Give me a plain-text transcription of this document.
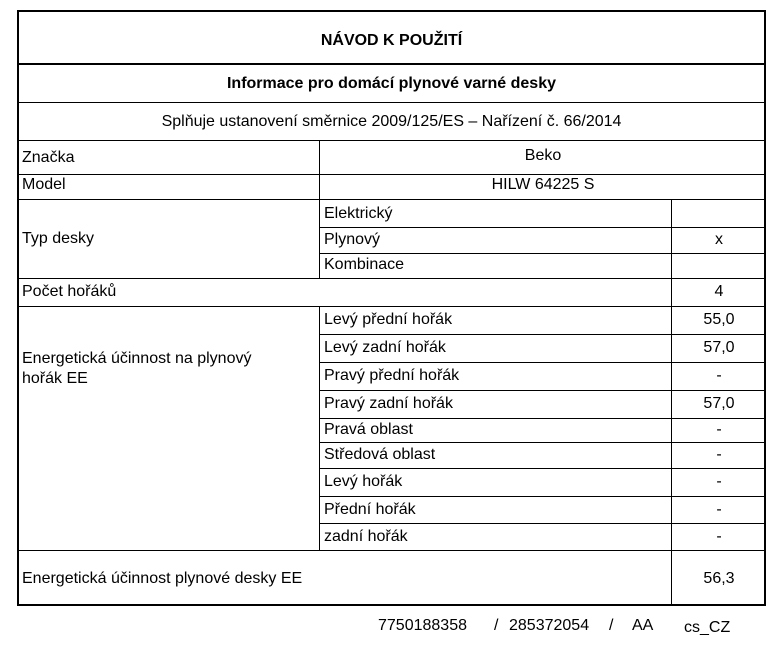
NÁVOD K POUŽITÍ
Informace pro domácí plynové varné desky
Splňuje ustanovení směrnice 2009/125/ES – Nařízení č. 66/2014
Značka	Beko
Model	HILW 64225 S
Typ desky
Elektrický
Plynový	x
Kombinace
Počet hořáků	4
Energetická účinnost na plynový
hořák EE
Levý přední hořák	55,0
Levý zadní hořák	57,0
Pravý přední hořák	-
Pravý zadní hořák	57,0
Pravá oblast	-
Středová oblast	-
Levý hořák	-
Přední hořák	-
zadní hořák	-
Energetická účinnost plynové desky EE	56,3
7750188358 / 285372054 / AA cs_CZ
